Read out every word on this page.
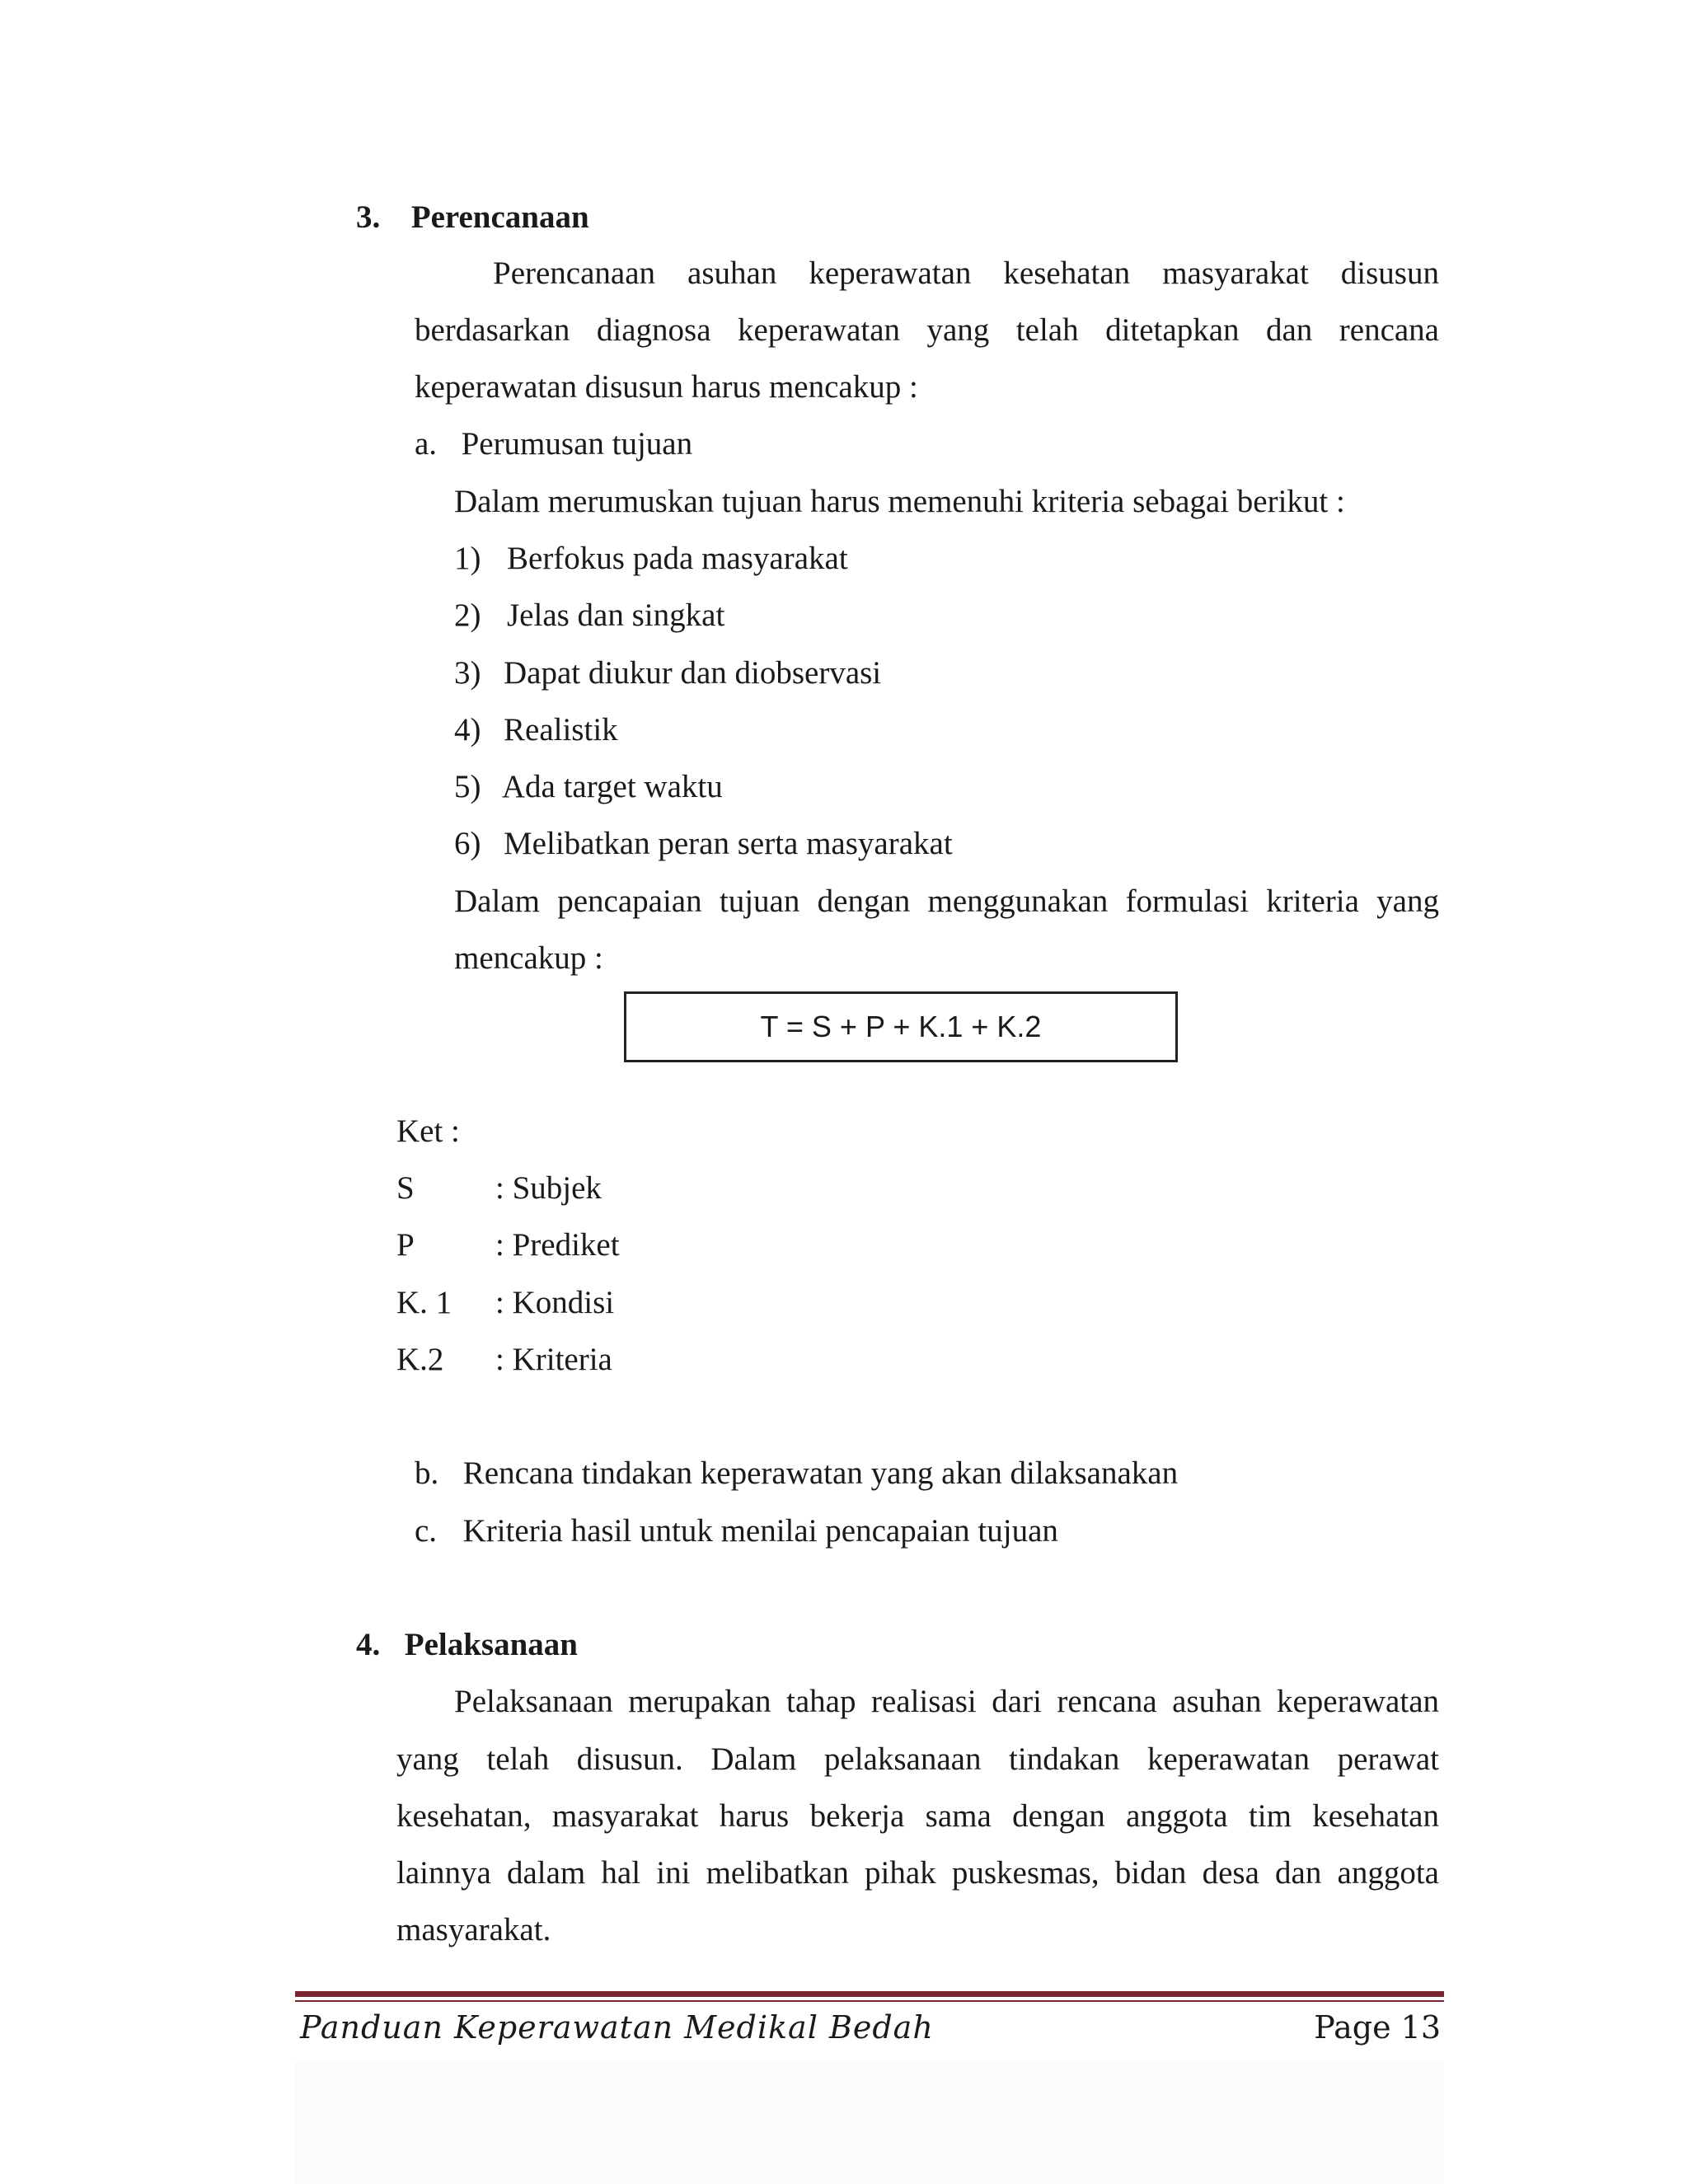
3. Perencanaan
Perencanaan asuhan keperawatan kesehatan masyarakat disusun
berdasarkan diagnosa keperawatan yang telah ditetapkan dan rencana
keperawatan disusun harus mencakup :
a. Perumusan tujuan
Dalam merumuskan tujuan harus memenuhi kriteria sebagai berikut :
1) Berfokus pada masyarakat
2) Jelas dan singkat
3) Dapat diukur dan diobservasi
4) Realistik
5) Ada target waktu
6) Melibatkan peran serta masyarakat
Dalam pencapaian tujuan dengan menggunakan formulasi kriteria yang
mencakup :
T = S + P + K.1 + K.2
Ket :
S	: Subjek
P	: Prediket
K. 1 : Kondisi
K.2 : Kriteria
b. Rencana tindakan keperawatan yang akan dilaksanakan
c. Kriteria hasil untuk menilai pencapaian tujuan
4. Pelaksanaan
Pelaksanaan merupakan tahap realisasi dari rencana asuhan keperawatan
yang telah disusun. Dalam pelaksanaan tindakan keperawatan perawat
kesehatan, masyarakat harus bekerja sama dengan anggota tim kesehatan
lainnya dalam hal ini melibatkan pihak puskesmas, bidan desa dan anggota
masyarakat.
Panduan Keperawatan Medikal Bedah	Page 13
